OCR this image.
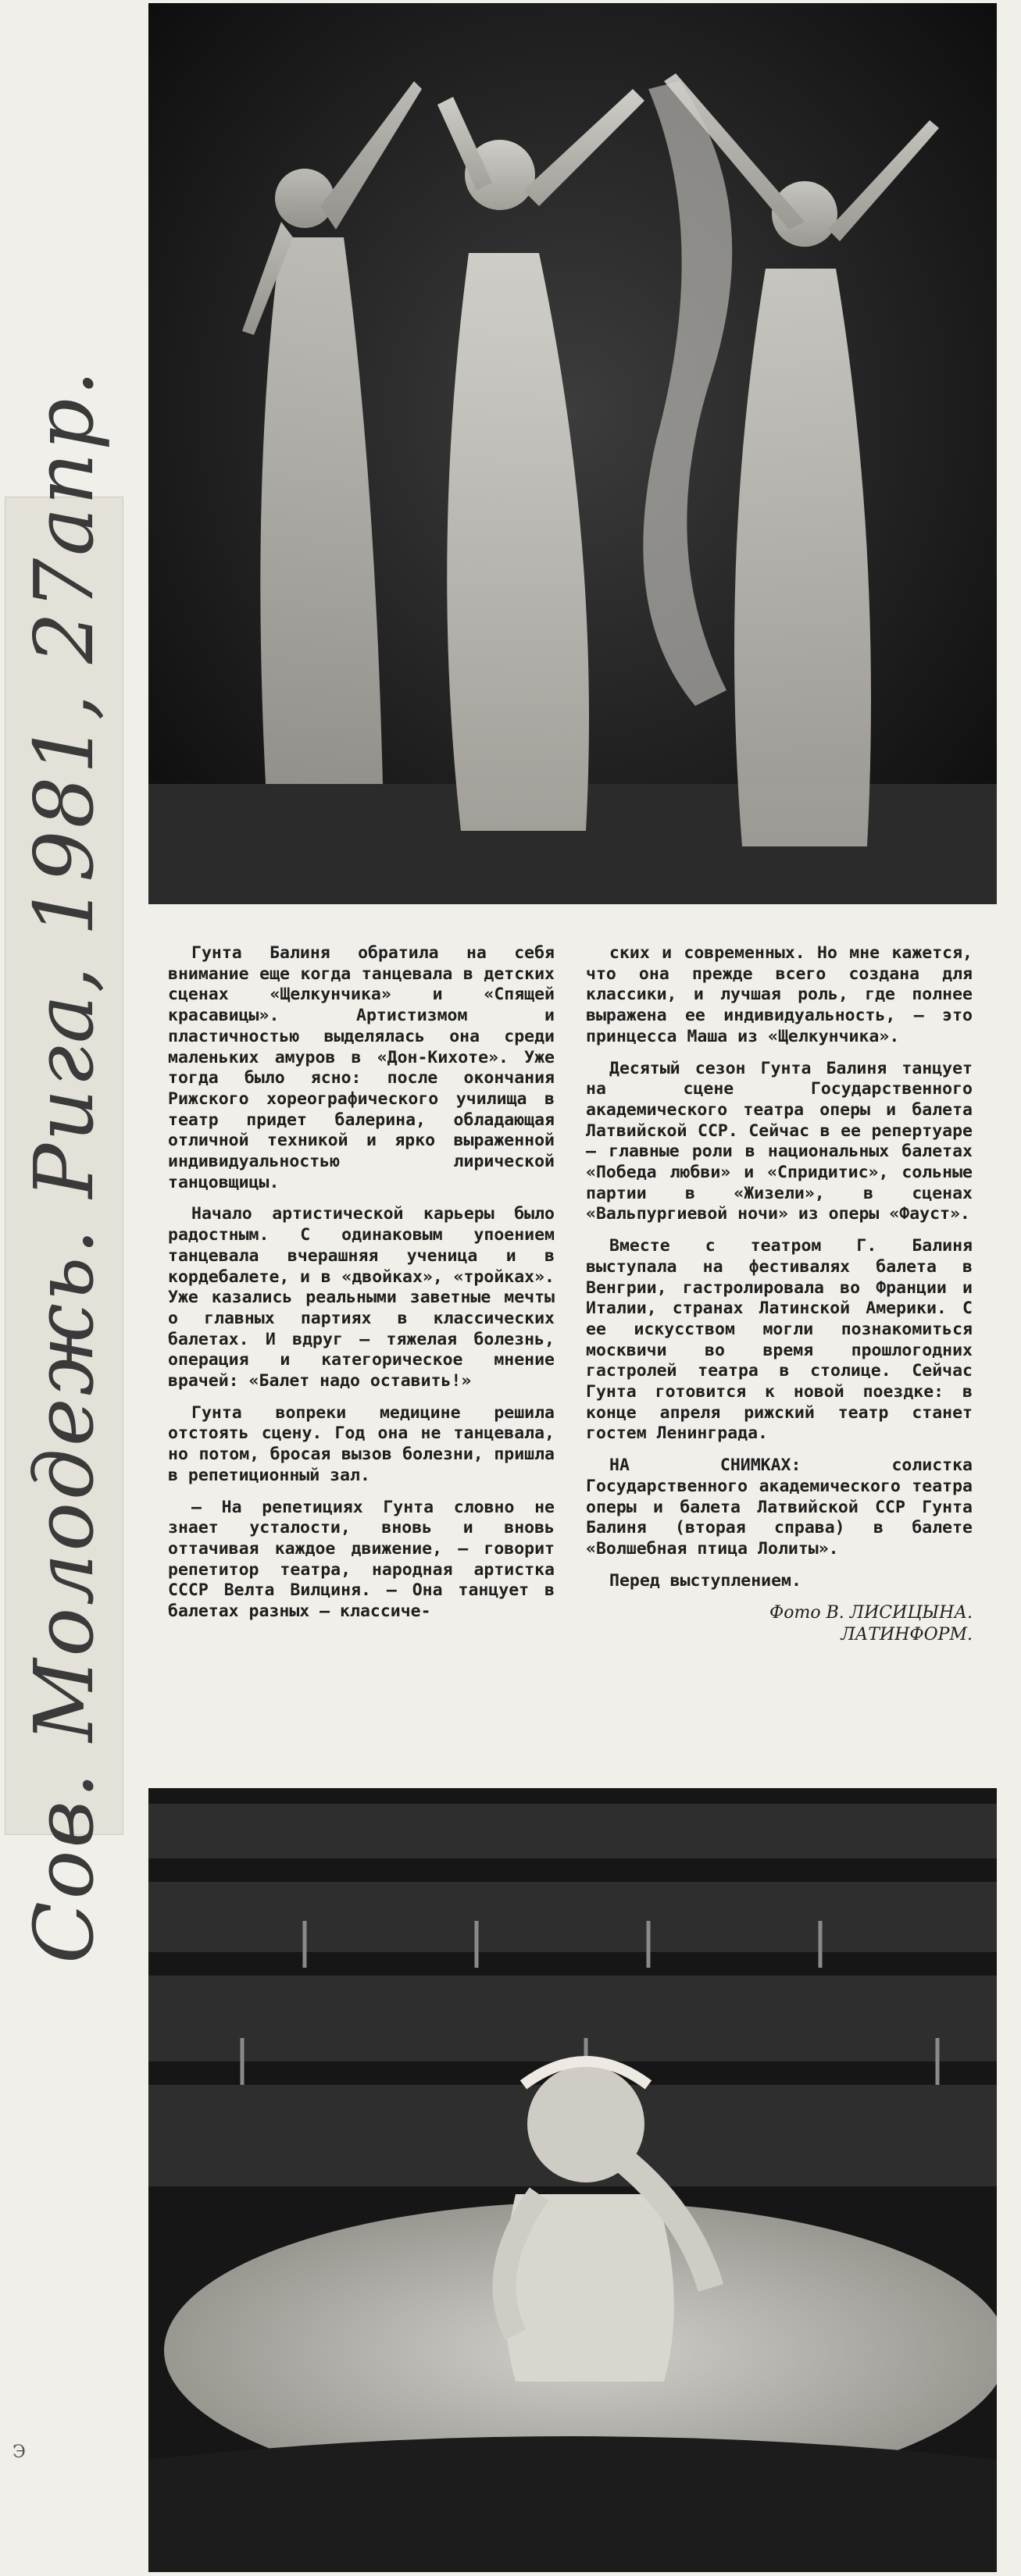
Сов. Молодежь. Рига, 1981, 27апр.	Гунта Балиня обратила на себя внимание еще когда танцевала в детских сценах «Щелкунчика» и «Спящей красавицы». Артистизмом и пластичностью выделялась она среди маленьких амуров в «Дон-Кихоте». Уже тогда было ясно: после окончания Рижского хореографического училища в театр придет балерина, обладающая отличной техникой и ярко выраженной индивидуальностью лирической танцовщицы.

Начало артистической карьеры было радостным. С одинаковым упоением танцевала вчерашняя ученица и в кордебалете, и в «двойках», «тройках». Уже казались реальными заветные мечты о главных партиях в классических балетах. И вдруг — тяжелая болезнь, операция и категорическое мнение врачей: «Балет надо оставить!»

Гунта вопреки медицине решила отстоять сцену. Год она не танцевала, но потом, бросая вызов болезни, пришла в репетиционный зал.

— На репетициях Гунта словно не знает усталости, вновь и вновь оттачивая каждое движение, — говорит репетитор театра, народная артистка СССР Велта Вилциня. — Она танцует в балетах разных — классиче-

ских и современных. Но мне кажется, что она прежде всего создана для классики, и лучшая роль, где полнее выражена ее индивидуальность, — это принцесса Маша из «Щелкунчика».

Десятый сезон Гунта Балиня танцует на сцене Государственного академического театра оперы и балета Латвийской ССР. Сейчас в ее репертуаре — главные роли в национальных балетах «Победа любви» и «Спридитис», сольные партии в «Жизели», в сценах «Вальпургиевой ночи» из оперы «Фауст».

Вместе с театром Г. Балиня выступала на фестивалях балета в Венгрии, гастролировала во Франции и Италии, странах Латинской Америки. С ее искусством могли познакомиться москвичи во время прошлогодних гастролей театра в столице. Сейчас Гунта готовится к новой поездке: в конце апреля рижский театр станет гостем Ленинграда.

НА СНИМКАХ: солистка Государственного академического театра оперы и балета Латвийской ССР Гунта Балиня (вторая справа) в балете «Волшебная птица Лолиты».

Перед выступлением.

Фото В. ЛИСИЦЫНА.
ЛАТИНФОРМ.
Э
